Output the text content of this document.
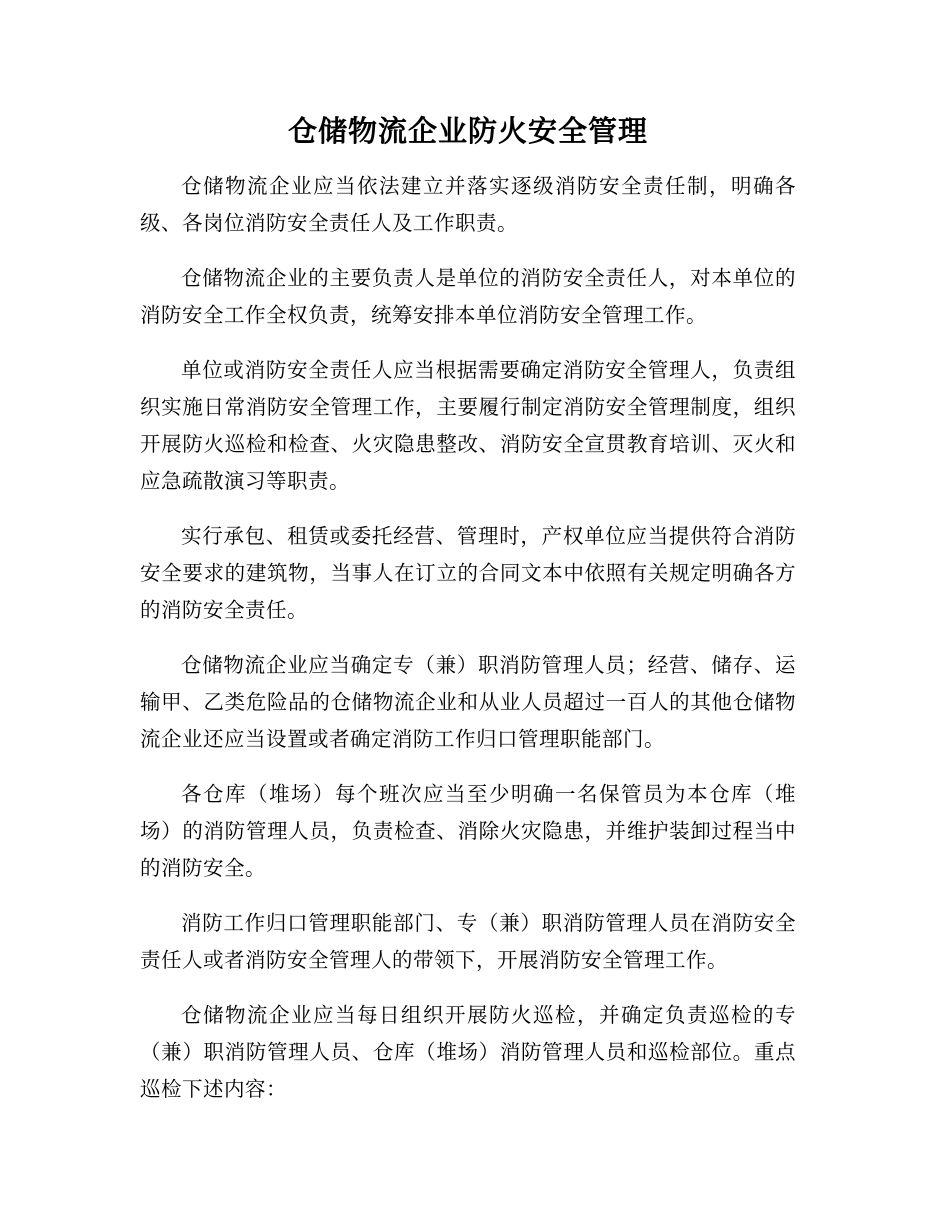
仓储物流企业防火安全管理

仓储物流企业应当依法建立并落实逐级消防安全责任制，明确各级、各岗位消防安全责任人及工作职责。

仓储物流企业的主要负责人是单位的消防安全责任人，对本单位的消防安全工作全权负责，统筹安排本单位消防安全管理工作。

单位或消防安全责任人应当根据需要确定消防安全管理人，负责组织实施日常消防安全管理工作，主要履行制定消防安全管理制度，组织开展防火巡检和检查、火灾隐患整改、消防安全宣贯教育培训、灭火和应急疏散演习等职责。

实行承包、租赁或委托经营、管理时，产权单位应当提供符合消防安全要求的建筑物，当事人在订立的合同文本中依照有关规定明确各方的消防安全责任。

仓储物流企业应当确定专（兼）职消防管理人员；经营、储存、运输甲、乙类危险品的仓储物流企业和从业人员超过一百人的其他仓储物流企业还应当设置或者确定消防工作归口管理职能部门。

各仓库（堆场）每个班次应当至少明确一名保管员为本仓库（堆场）的消防管理人员，负责检查、消除火灾隐患，并维护装卸过程当中的消防安全。

消防工作归口管理职能部门、专（兼）职消防管理人员在消防安全责任人或者消防安全管理人的带领下，开展消防安全管理工作。

仓储物流企业应当每日组织开展防火巡检，并确定负责巡检的专（兼）职消防管理人员、仓库（堆场）消防管理人员和巡检部位。重点巡检下述内容：
